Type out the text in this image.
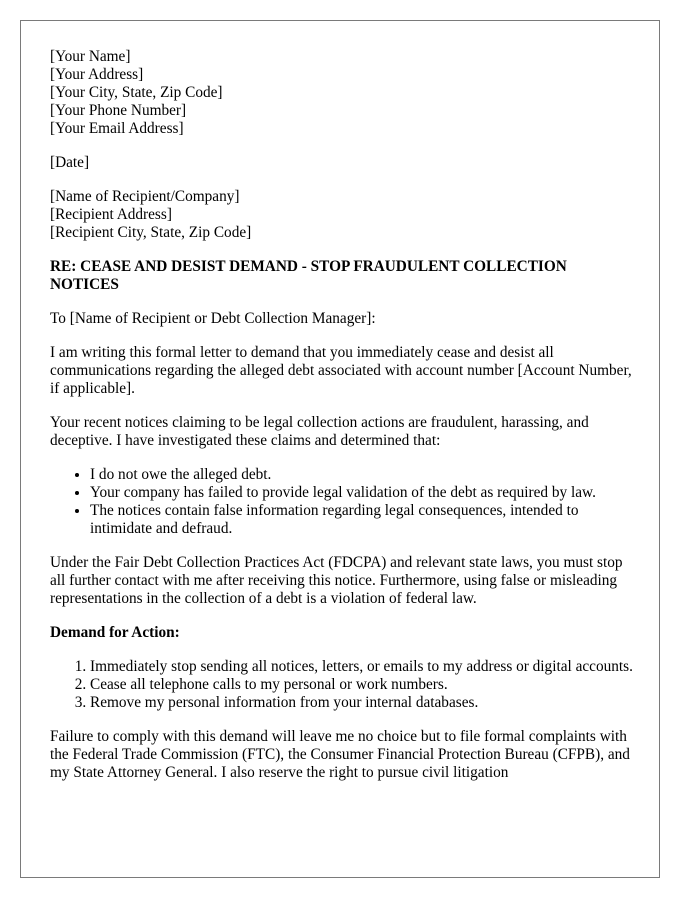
[Your Name]
[Your Address]
[Your City, State, Zip Code]
[Your Phone Number]
[Your Email Address]

[Date]

[Name of Recipient/Company]
[Recipient Address]
[Recipient City, State, Zip Code]

RE: CEASE AND DESIST DEMAND - STOP FRAUDULENT COLLECTION NOTICES

To [Name of Recipient or Debt Collection Manager]:

I am writing this formal letter to demand that you immediately cease and desist all communications regarding the alleged debt associated with account number [Account Number, if applicable].

Your recent notices claiming to be legal collection actions are fraudulent, harassing, and deceptive. I have investigated these claims and determined that:

• I do not owe the alleged debt.
• Your company has failed to provide legal validation of the debt as required by law.
• The notices contain false information regarding legal consequences, intended to intimidate and defraud.

Under the Fair Debt Collection Practices Act (FDCPA) and relevant state laws, you must stop all further contact with me after receiving this notice. Furthermore, using false or misleading representations in the collection of a debt is a violation of federal law.

Demand for Action:

1. Immediately stop sending all notices, letters, or emails to my address or digital accounts.
2. Cease all telephone calls to my personal or work numbers.
3. Remove my personal information from your internal databases.

Failure to comply with this demand will leave me no choice but to file formal complaints with the Federal Trade Commission (FTC), the Consumer Financial Protection Bureau (CFPB), and my State Attorney General. I also reserve the right to pursue civil litigation
